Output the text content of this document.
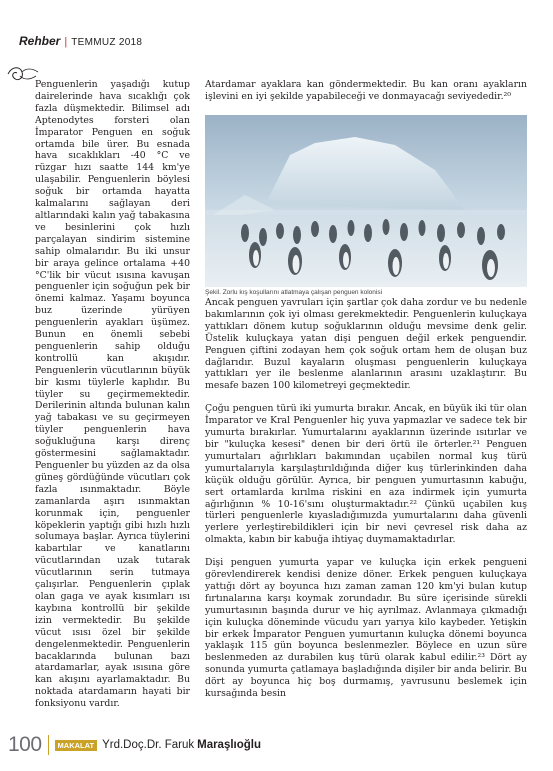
Rehber | TEMMUZ 2018

Penguenlerin yaşadığı kutup dairelerinde hava sıcaklığı çok fazla düşmektedir. Bilimsel adı Aptenodytes forsteri olan İmparator Penguen en soğuk ortamda bile ürer. Bu esnada hava sıcaklıkları -40 °C ve rüzgar hızı saatte 144 km'ye ulaşabilir. Penguenlerin böylesi soğuk bir ortamda hayatta kalmalarını sağlayan deri altlarındaki kalın yağ tabakasına ve besinlerini çok hızlı parçalayan sindirim sistemine sahip olmalarıdır. Bu iki unsur bir araya gelince ortalama +40 °C'lik bir vücut ısısına kavuşan penguenler için soğuğun pek bir önemi kalmaz. Yaşamı boyunca buz üzerinde yürüyen penguenlerin ayakları üşümez. Bunun en önemli sebebi penguenlerin sahip olduğu kontrollü kan akışıdır. Penguenlerin vücutlarının büyük bir kısmı tüylerle kaplıdır. Bu tüyler su geçirmemektedir. Derilerinin altında bulunan kalın yağ tabakası ve su geçirmeyen tüyler penguenlerin hava soğukluğuna karşı direnç göstermesini sağlamaktadır. Penguenler bu yüzden az da olsa güneş gördüğünde vücutları çok fazla ısınmaktadır. Böyle zamanlarda aşırı ısınmaktan korunmak için, penguenler köpeklerin yaptığı gibi hızlı hızlı solumaya başlar. Ayrıca tüylerini kabartılar ve kanatlarını vücutlarından uzak tutarak vücutlarının serin tutmaya çalışırlar. Penguenlerin çıplak olan gaga ve ayak kısımları ısı kaybına kontrollü bir şekilde izin vermektedir. Bu şekilde vücut ısısı özel bir şekilde dengelenmektedir. Penguenlerin bacaklarında bulunan bazı atardamarlar, ayak ısısına göre kan akışını ayarlamaktadır. Bu noktada atardamarın hayati bir fonksiyonu vardır.

Atardamar ayaklara kan göndermektedir. Bu kan oranı ayakların işlevini en iyi şekilde yapabileceği ve donmayacağı seviyededir.²⁰

Şekil. Zorlu kış koşullarını atlatmaya çalışan penguen kolonisi

Ancak penguen yavruları için şartlar çok daha zordur ve bu nedenle bakımlarının çok iyi olması gerekmektedir. Penguenlerin kuluçkaya yattıkları dönem kutup soğuklarının olduğu mevsime denk gelir. Üstelik kuluçkaya yatan dişi penguen değil erkek penguendir. Penguen çiftini zodayan hem çok soğuk ortam hem de oluşan buz dağlarıdır. Buzul kayaların oluşması penguenlerin kuluçkaya yattıkları yer ile beslenme alanlarının arasını uzaklaştırır. Bu mesafe bazen 100 kilometreyi geçmektedir.

Çoğu penguen türü iki yumurta bırakır. Ancak, en büyük iki tür olan İmparator ve Kral Penguenler hiç yuva yapmazlar ve sadece tek bir yumurta bırakırlar. Yumurtalarını ayaklarının üzerinde ısıtırlar ve bir "kuluçka kesesi" denen bir deri örtü ile örterler.²¹ Penguen yumurtaları ağırlıkları bakımından uçabilen normal kuş türü yumurtalarıyla karşılaştırıldığında diğer kuş türlerinkinden daha küçük olduğu görülür. Ayrıca, bir penguen yumurtasının kabuğu, sert ortamlarda kırılma riskini en aza indirmek için yumurta ağırlığının % 10-16'sını oluşturmaktadır.²² Çünkü uçabilen kuş türleri penguenlerle kıyasladığımızda yumurtalarını daha güvenli yerlere yerleştirebildikleri için bir nevi çevresel risk daha az olmakta, kabın bir kabuğa ihtiyaç duymamaktadırlar.

Dişi penguen yumurta yapar ve kuluçka için erkek pengueni görevlendirerek kendisi denize döner. Erkek penguen kuluçkaya yattığı dört ay boyunca hızı zaman zaman 120 km'yi bulan kutup fırtınalarına karşı koymak zorundadır. Bu süre içerisinde sürekli yumurtasının başında durur ve hiç ayrılmaz. Avlanmaya çıkmadığı için kuluçka döneminde vücudu yarı yarıya kilo kaybeder. Yetişkin bir erkek İmparator Penguen yumurtanın kuluçka dönemi boyunca yaklaşık 115 gün boyunca beslenmezler. Böylece en uzun süre beslenmeden az durabilen kuş türü olarak kabul edilir.²³ Dört ay sonunda yumurta çatlamaya başladığında dişiler bir anda belirir. Bu dört ay boyunca hiç boş durmamış, yavrusunu beslemek için kursağında besin

100	MAKALAT Yrd.Doç.Dr. Faruk Maraşlıoğlu
